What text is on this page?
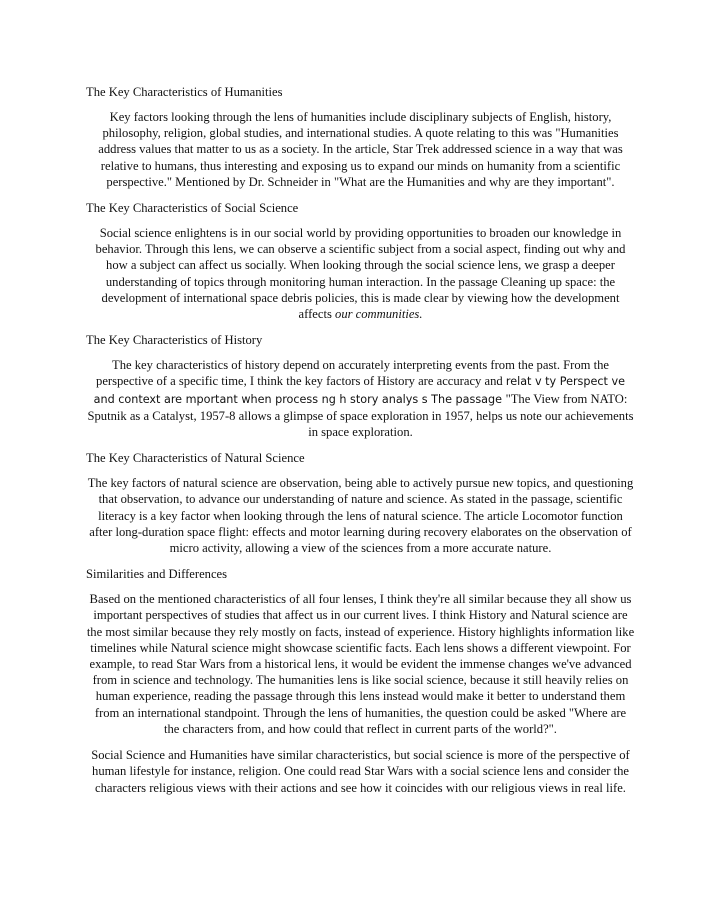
The Key Characteristics of Humanities

Key factors looking through the lens of humanities include disciplinary subjects of English, history, philosophy, religion, global studies, and international studies. A quote relating to this was "Humanities address values that matter to us as a society. In the article, Star Trek addressed science in a way that was relative to humans, thus interesting and exposing us to expand our minds on humanity from a scientific perspective." Mentioned by Dr. Schneider in "What are the Humanities and why are they important".

The Key Characteristics of Social Science

Social science enlightens is in our social world by providing opportunities to broaden our knowledge in behavior. Through this lens, we can observe a scientific subject from a social aspect, finding out why and how a subject can affect us socially. When looking through the social science lens, we grasp a deeper understanding of topics through monitoring human interaction. In the passage Cleaning up space: the development of international space debris policies, this is made clear by viewing how the development affects our communities.

The Key Characteristics of History

The key characteristics of history depend on accurately interpreting events from the past. From the perspective of a specific time, I think the key factors of History are accuracy and relat v ty Perspect ve and context are mportant when process ng h story analys s The passage "The View from NATO: Sputnik as a Catalyst, 1957-8 allows a glimpse of space exploration in 1957, helps us note our achievements in space exploration.

The Key Characteristics of Natural Science

The key factors of natural science are observation, being able to actively pursue new topics, and questioning that observation, to advance our understanding of nature and science. As stated in the passage, scientific literacy is a key factor when looking through the lens of natural science. The article Locomotor function after long-duration space flight: effects and motor learning during recovery elaborates on the observation of micro activity, allowing a view of the sciences from a more accurate nature.

Similarities and Differences

Based on the mentioned characteristics of all four lenses, I think they're all similar because they all show us important perspectives of studies that affect us in our current lives. I think History and Natural science are the most similar because they rely mostly on facts, instead of experience. History highlights information like timelines while Natural science might showcase scientific facts. Each lens shows a different viewpoint. For example, to read Star Wars from a historical lens, it would be evident the immense changes we've advanced from in science and technology. The humanities lens is like social science, because it still heavily relies on human experience, reading the passage through this lens instead would make it better to understand them from an international standpoint. Through the lens of humanities, the question could be asked "Where are the characters from, and how could that reflect in current parts of the world?".

Social Science and Humanities have similar characteristics, but social science is more of the perspective of human lifestyle for instance, religion. One could read Star Wars with a social science lens and consider the characters religious views with their actions and see how it coincides with our religious views in real life.
